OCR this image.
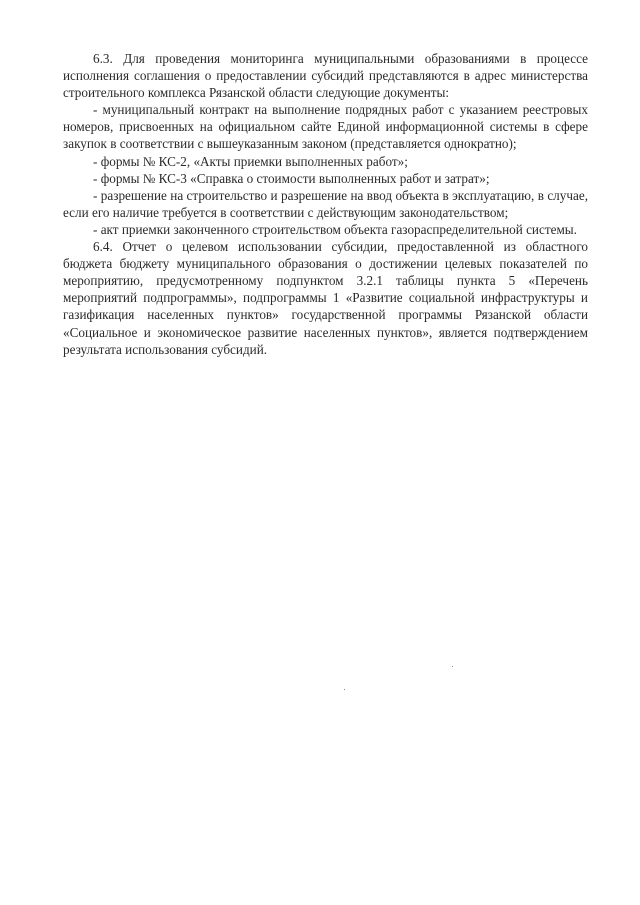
6.3. Для проведения мониторинга муниципальными образованиями в процессе исполнения соглашения о предоставлении субсидий представляются в адрес министерства строительного комплекса Рязанской области следующие документы:

- муниципальный контракт на выполнение подрядных работ с указанием реестровых номеров, присвоенных на официальном сайте Единой информационной системы в сфере закупок в соответствии с вышеуказанным законом (представляется однократно);

- формы № КС-2, «Акты приемки выполненных работ»;

- формы № КС-3 «Справка о стоимости выполненных работ и затрат»;

- разрешение на строительство и разрешение на ввод объекта в эксплуатацию, в случае, если его наличие требуется в соответствии с действующим законодательством;

- акт приемки законченного строительством объекта газораспределительной системы.

6.4. Отчет о целевом использовании субсидии, предоставленной из областного бюджета бюджету муниципального образования о достижении целевых показателей по мероприятию, предусмотренному подпунктом 3.2.1 таблицы пункта 5 «Перечень мероприятий подпрограммы», подпрограммы 1 «Развитие социальной инфраструктуры и газификация населенных пунктов» государственной программы Рязанской области «Социальное и экономическое развитие населенных пунктов», является подтверждением результата использования субсидий.
